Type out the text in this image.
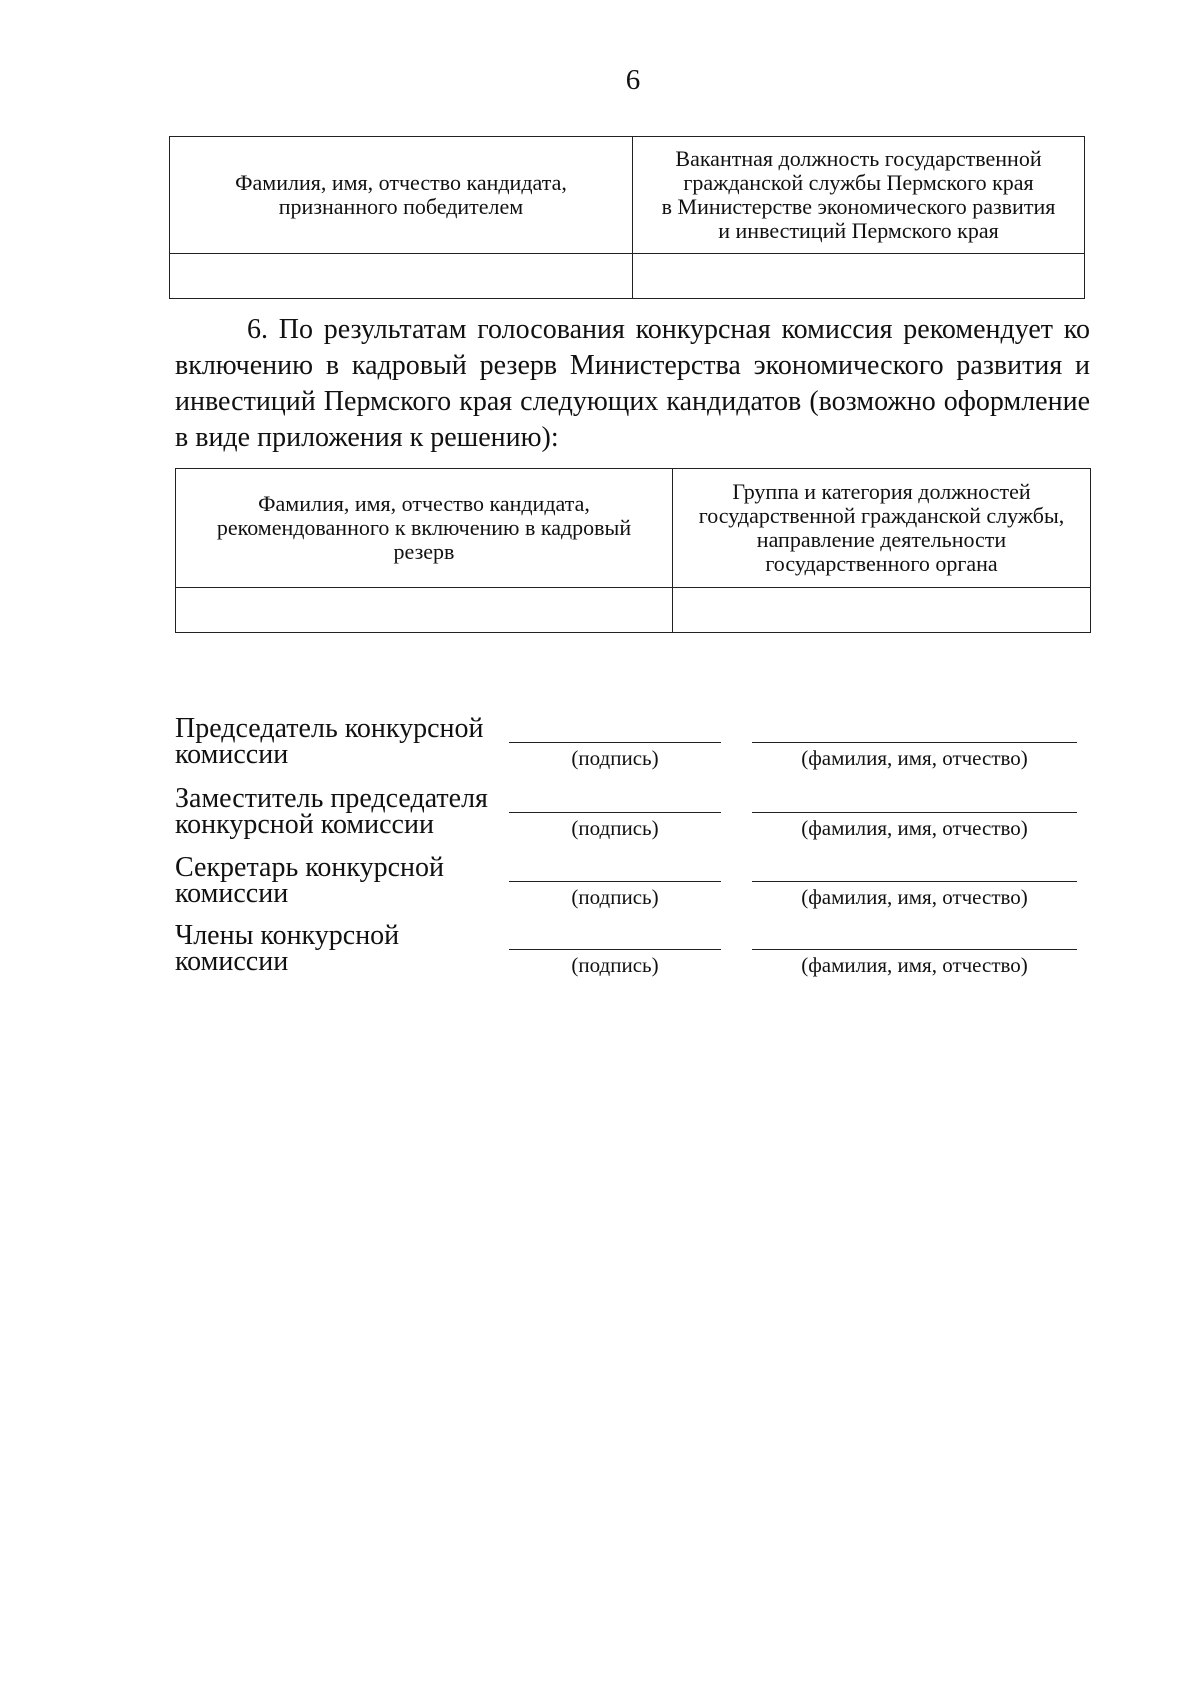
6
Фамилия, имя, отчество кандидата, признанного победителем	Вакантная должность государственной
гражданской службы Пермского края
в Министерстве экономического развития
и инвестиций Пермского края

6. По результатам голосования конкурсная комиссия рекомендует ко включению в кадровый резерв Министерства экономического развития и инвестиций Пермского края следующих кандидатов (возможно оформление в виде приложения к решению):
Фамилия, имя, отчество кандидата, рекомендованного к включению в кадровый резерв	Группа и категория должностей государственной гражданской службы, направление деятельности государственного органа

Председатель конкурсной
комиссии	(подпись)	(фамилия, имя, отчество)
Заместитель председателя
конкурсной комиссии	(подпись)	(фамилия, имя, отчество)
Секретарь конкурсной
комиссии	(подпись)	(фамилия, имя, отчество)
Члены конкурсной
комиссии	(подпись)	(фамилия, имя, отчество)
